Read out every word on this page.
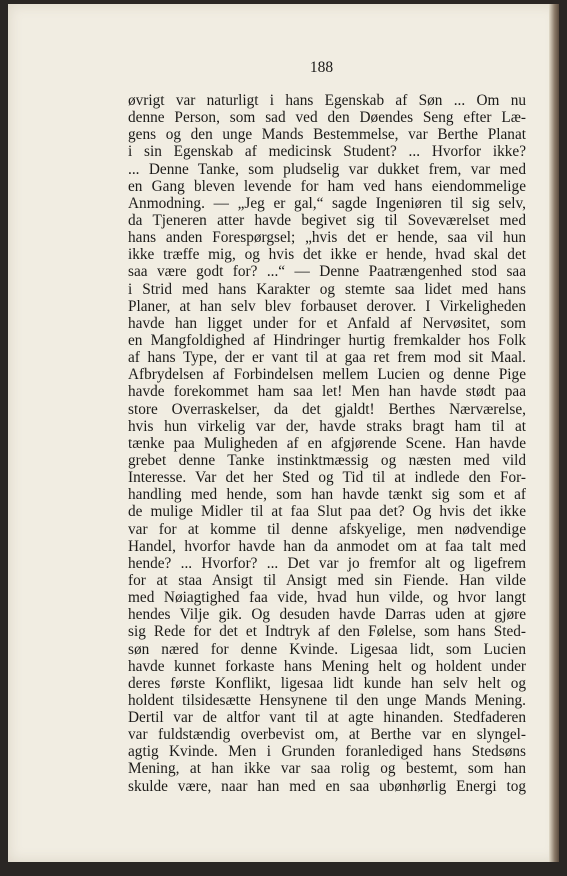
188
øvrigt var naturligt i hans Egenskab af Søn ... Om nu
denne Person, som sad ved den Døendes Seng efter Læ-
gens og den unge Mands Bestemmelse, var Berthe Planat
i sin Egenskab af medicinsk Student? ... Hvorfor ikke?
... Denne Tanke, som pludselig var dukket frem, var med
en Gang bleven levende for ham ved hans eiendommelige
Anmodning. — „Jeg er gal,“ sagde Ingeniøren til sig selv,
da Tjeneren atter havde begivet sig til Soveværelset med
hans anden Forespørgsel; „hvis det er hende, saa vil hun
ikke træffe mig, og hvis det ikke er hende, hvad skal det
saa være godt for? ...“ — Denne Paatrængenhed stod saa
i Strid med hans Karakter og stemte saa lidet med hans
Planer, at han selv blev forbauset derover. I Virkeligheden
havde han ligget under for et Anfald af Nervøsitet, som
en Mangfoldighed af Hindringer hurtig fremkalder hos Folk
af hans Type, der er vant til at gaa ret frem mod sit Maal.
Afbrydelsen af Forbindelsen mellem Lucien og denne Pige
havde forekommet ham saa let! Men han havde stødt paa
store Overraskelser, da det gjaldt! Berthes Nærværelse,
hvis hun virkelig var der, havde straks bragt ham til at
tænke paa Muligheden af en afgjørende Scene. Han havde
grebet denne Tanke instinktmæssig og næsten med vild
Interesse. Var det her Sted og Tid til at indlede den For-
handling med hende, som han havde tænkt sig som et af
de mulige Midler til at faa Slut paa det? Og hvis det ikke
var for at komme til denne afskyelige, men nødvendige
Handel, hvorfor havde han da anmodet om at faa talt med
hende? ... Hvorfor? ... Det var jo fremfor alt og ligefrem
for at staa Ansigt til Ansigt med sin Fiende. Han vilde
med Nøiagtighed faa vide, hvad hun vilde, og hvor langt
hendes Vilje gik. Og desuden havde Darras uden at gjøre
sig Rede for det et Indtryk af den Følelse, som hans Sted-
søn næred for denne Kvinde. Ligesaa lidt, som Lucien
havde kunnet forkaste hans Mening helt og holdent under
deres første Konflikt, ligesaa lidt kunde han selv helt og
holdent tilsidesætte Hensynene til den unge Mands Mening.
Dertil var de altfor vant til at agte hinanden. Stedfaderen
var fuldstændig overbevist om, at Berthe var en slyngel-
agtig Kvinde. Men i Grunden foranlediged hans Stedsøns
Mening, at han ikke var saa rolig og bestemt, som han
skulde være, naar han med en saa ubønhørlig Energi tog
